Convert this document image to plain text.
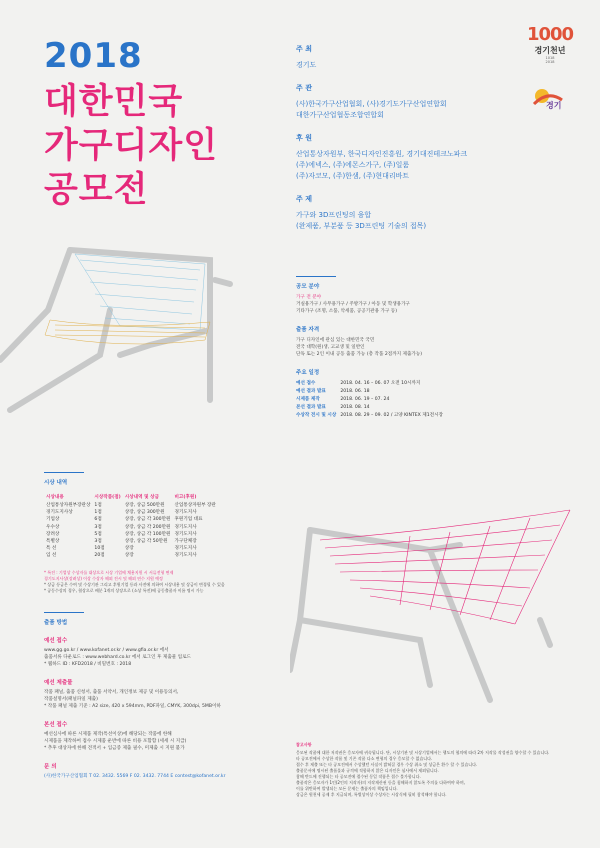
2018
대한민국
가구디자인
공모전
1000
경기천년
1018
2018
경기
주 최
경기도
주 관
(사)한국가구산업협회, (사)경기도가구산업연합회
대한가구산업협동조합연합회
후 원
산업통상자원부, 한국디자인진흥원, 경기대진테크노파크
(주)에넥스, (주)에몬스가구, (주)일룸
(주)자코모, (주)한샘, (주)현대리바트
주 제
가구와 3D프린팅의 융합
(완제품, 부분품 등 3D프린팅 기술의 접목)
공모 분야
가구 전 분야
거실용가구 / 사무용가구 / 주방가구 / 아동 및 학생용가구
기타가구 (조명, 소품, 악세품, 공공기관용 가구 등)
출품 자격
가구 디자인에 관심 있는 대한민국 국민
전국 대학(원)생, 고교생 및 일반인
단독 또는 2인 이내 공동 출품 가능 (총 작품 2점까지 제출가능)
주요 일정
예선 접수	2018. 04. 16 – 06. 07 오전 10시까지
예선 결과 발표	2018. 06. 18
시제품 제작	2018. 06. 19 – 07. 24
본선 결과 발표	2018. 08. 14
수상작 전시 및 시상	2018. 08. 29 – 09. 02 / 고양 KINTEX 제1전시장
시상 내역
시상내용	시상작품(점)	시상내역 및 상금	비고(후원)
산업통상자원부장관상	1점	상장, 상금 500만원	산업통상자원부 장관
경기도지사상	1점	상장, 상금 300만원	경기도지사
기업상	6점	상장, 상금 각 300만원	후원기업 대표
우수상	3점	상장, 상금 각 200만원	경기도지사
장려상	5점	상장, 상금 각 100만원	경기도지사
특별상	3점	상장, 상금 각 50만원	가구단체장
특 선	10점	상장	경기도지사
입 선	20점	상장	경기도지사
* 특전 : 기업상 수상자를 대상으로 시상 기업에 채용지원 시 서류전형 면제
경기도지사상(장려상) 이상 수상자 해외 전시 및 해외 연수 지원 예정
* 상금 등급은 수여 및 수상기관 그리고 후원기업 등과 사전에 의하여 시상내용 및 상금이 변경될 수 있음
* 공동수상의 경우, 협상으로 배분 1개의 상장으로 (소상 특전)에 공동출품자 이름 명시 가능
출품 방법
예선 접수
www.gg.go.kr / www.kofanet.or.kr / www.gfia.or.kr 에서
출품서류 다운로드 : www.webhard.co.kr 에서 로그인 후 제출물 업로드
* 웹하드 ID : KFD2018 / 비밀번호 : 2018
예선 제출물
작품 패널, 출품 신청서, 출품 서약서, 개인정보 제공 및 이용동의서,
작품설명서(패널파일 제출)
* 작품 패널 제출 기준 : A2 size, 420 x 594mm, PDF파일, CMYK, 300dpi, 5MB이하
본선 접수
예선심사에 따른 시제품 제작(특선이상)에 해당되는 작품에 한해
시제품을 제작하여 접수 시제품 운반에 따른 비용 포함함 (세세 시 지급)
* 추후 대상자에 한해 견적서 + 입금증 제출 필수, 미제출 시 지원 불가
문 의
(사)한국가구산업협회 T 02. 3432. 5569 F 02. 3432. 7744 E contest@kofanet.or.kr
참고사항
응모된 작품에 대한 저작권은 응모자에 귀속됩니다. 단, 시상기관 및 시상기업에서는 행도의 협의에 따라 2차 저작물 작성권을 양수할 수 있습니다.
타 공모전에서 수상한 작품 및 기존 작품 다소 변형의 경우 응모할 수 없습니다.
접수 후 제출 또는 타 공모전에서 수상했던 사실이 밝혀질 경우 수상 취소 및 상금은 환수 할 수 있습니다.
출품문서에 명시된 출품물과 규격에 적합하지 않은 디자인은 심사에서 제외됩니다.
참해 반드에 진행되는 타 공모전에 접수된 동일 작품은 접수 불가합니다.
출품작은 응모자가 1인(2인의 저작자)의 저작재산권 등을 침해하지 않도록 주의를 다하여야 하며,
이를 위반하여 발생되는 모든 문제는 출품자의 책임입니다.
상금은 원천세 공제 후 지급되며, 특별상이상 수상자는 시상식에 필히 참석해야 합니다.
